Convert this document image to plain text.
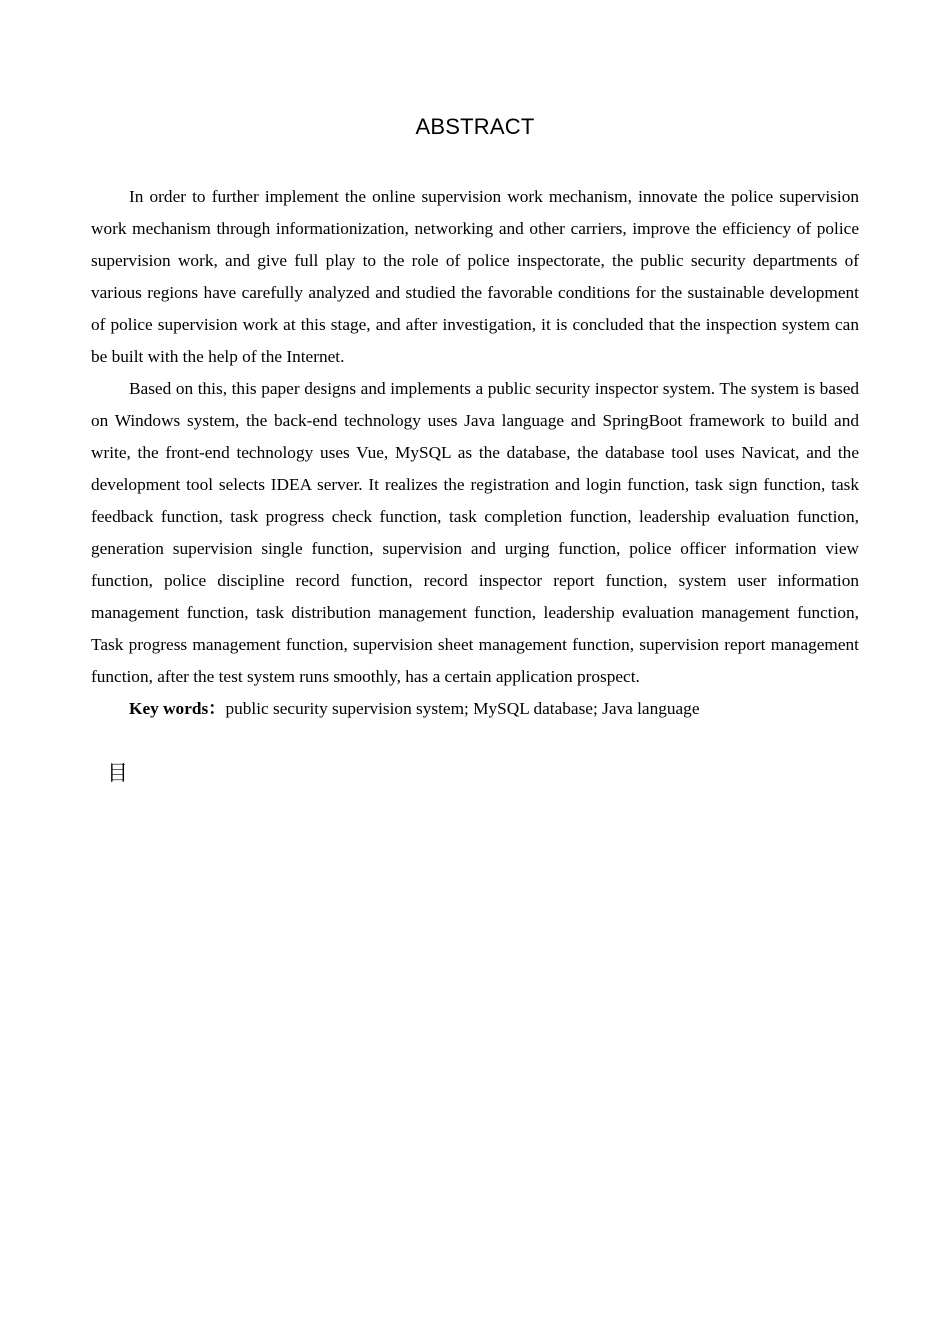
ABSTRACT

In order to further implement the online supervision work mechanism, innovate the police supervision work mechanism through informationization, networking and other carriers, improve the efficiency of police supervision work, and give full play to the role of police inspectorate, the public security departments of various regions have carefully analyzed and studied the favorable conditions for the sustainable development of police supervision work at this stage, and after investigation, it is concluded that the inspection system can be built with the help of the Internet.

Based on this, this paper designs and implements a public security inspector system. The system is based on Windows system, the back-end technology uses Java language and SpringBoot framework to build and write, the front-end technology uses Vue, MySQL as the database, the database tool uses Navicat, and the development tool selects IDEA server. It realizes the registration and login function, task sign function, task feedback function, task progress check function, task completion function, leadership evaluation function, generation supervision single function, supervision and urging function, police officer information view function, police discipline record function, record inspector report function, system user information management function, task distribution management function, leadership evaluation management function, Task progress management function, supervision sheet management function, supervision report management function, after the test system runs smoothly, has a certain application prospect.

Key words：public security supervision system; MySQL database; Java language

目
